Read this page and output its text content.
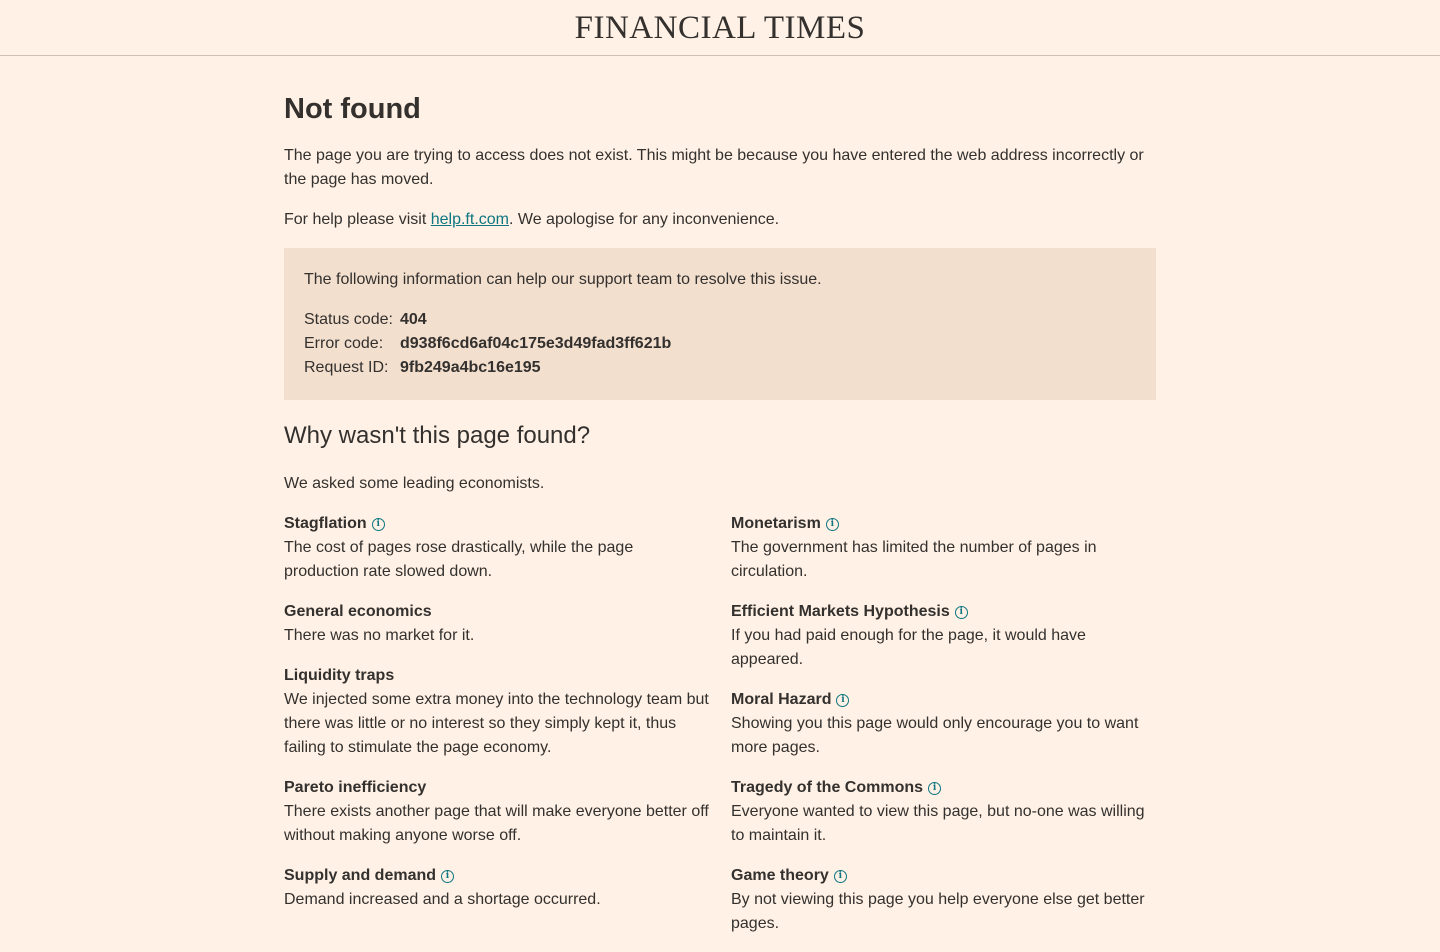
FINANCIAL TIMES
Not found

The page you are trying to access does not exist. This might be because you have entered the web address incorrectly or the page has moved.

For help please visit help.ft.com. We apologise for any inconvenience.

The following information can help our support team to resolve this issue.

Status code: 404
Error code:	d938f6cd6af04c175e3d49fad3ff621b
Request ID: 9fb249a4bc16e195
Why wasn't this page found?

We asked some leading economists.

Stagflation	i
The cost of pages rose drastically, while the page production rate slowed down.
General economics
There was no market for it.
Liquidity traps
We injected some extra money into the technology team but there was little or no interest so they simply kept it, thus failing to stimulate the page economy.
Pareto inefficiency
There exists another page that will make everyone better off without making anyone worse off.
Supply and demand	i
Demand increased and a shortage occurred.
Monetarism	i
The government has limited the number of pages in circulation.
Efficient Markets Hypothesis	i
If you had paid enough for the page, it would have appeared.
Moral Hazard	i
Showing you this page would only encourage you to want more pages.
Tragedy of the Commons	i
Everyone wanted to view this page, but no-one was willing to maintain it.
Game theory	i
By not viewing this page you help everyone else get better pages.
